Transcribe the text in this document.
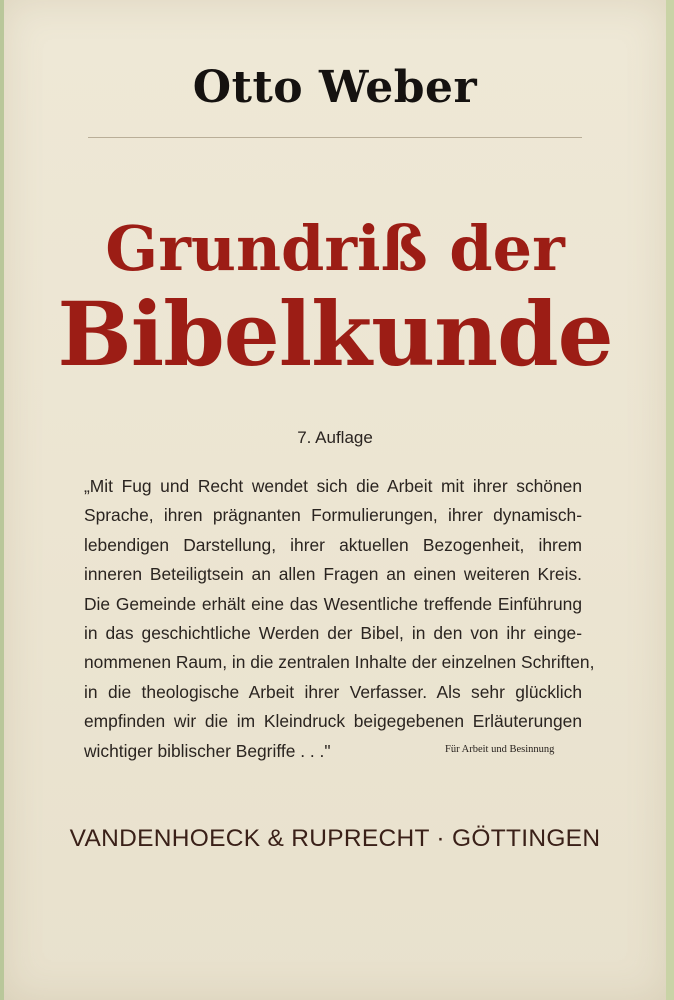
Otto Weber
Grundriß der
Bibelkunde
7. Auflage
„Mit Fug und Recht wendet sich die Arbeit mit ihrer schönen
Sprache, ihren prägnanten Formulierungen, ihrer dynamisch-
lebendigen Darstellung, ihrer aktuellen Bezogenheit, ihrem
inneren Beteiligtsein an allen Fragen an einen weiteren Kreis.
Die Gemeinde erhält eine das Wesentliche treffende Einführung
in das geschichtliche Werden der Bibel, in den von ihr einge-
nommenen Raum, in die zentralen Inhalte der einzelnen Schriften,
in die theologische Arbeit ihrer Verfasser. Als sehr glücklich
empfinden wir die im Kleindruck beigegebenen Erläuterungen
wichtiger biblischer Begriffe . . ."	Für Arbeit und Besinnung
VANDENHOECK & RUPRECHT · GÖTTINGEN
